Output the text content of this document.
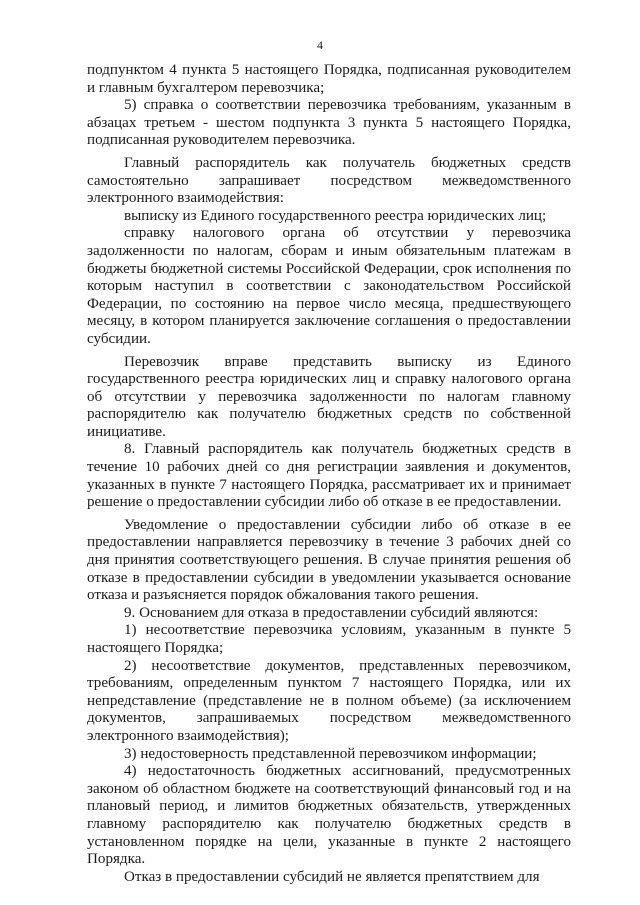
4

подпунктом 4 пункта 5 настоящего Порядка, подписанная руководителем и главным бухгалтером перевозчика;

5) справка о соответствии перевозчика требованиям, указанным в абзацах третьем - шестом подпункта 3 пункта 5 настоящего Порядка, подписанная руководителем перевозчика.

Главный распорядитель как получатель бюджетных средств самостоятельно запрашивает посредством межведомственного электронного взаимодействия:

выписку из Единого государственного реестра юридических лиц;

справку налогового органа об отсутствии у перевозчика задолженности по налогам, сборам и иным обязательным платежам в бюджеты бюджетной системы Российской Федерации, срок исполнения по которым наступил в соответствии с законодательством Российской Федерации, по состоянию на первое число месяца, предшествующего месяцу, в котором планируется заключение соглашения о предоставлении субсидии.

Перевозчик вправе представить выписку из Единого государственного реестра юридических лиц и справку налогового органа об отсутствии у перевозчика задолженности по налогам главному распорядителю как получателю бюджетных средств по собственной инициативе.

8. Главный распорядитель как получатель бюджетных средств в течение 10 рабочих дней со дня регистрации заявления и документов, указанных в пункте 7 настоящего Порядка, рассматривает их и принимает решение о предоставлении субсидии либо об отказе в ее предоставлении.

Уведомление о предоставлении субсидии либо об отказе в ее предоставлении направляется перевозчику в течение 3 рабочих дней со дня принятия соответствующего решения. В случае принятия решения об отказе в предоставлении субсидии в уведомлении указывается основание отказа и разъясняется порядок обжалования такого решения.

9. Основанием для отказа в предоставлении субсидий являются:

1) несоответствие перевозчика условиям, указанным в пункте 5 настоящего Порядка;

2) несоответствие документов, представленных перевозчиком, требованиям, определенным пунктом 7 настоящего Порядка, или их непредставление (представление не в полном объеме) (за исключением документов, запрашиваемых посредством межведомственного электронного взаимодействия);

3) недостоверность представленной перевозчиком информации;

4) недостаточность бюджетных ассигнований, предусмотренных законом об областном бюджете на соответствующий финансовый год и на плановый период, и лимитов бюджетных обязательств, утвержденных главному распорядителю как получателю бюджетных средств в установленном порядке на цели, указанные в пункте 2 настоящего Порядка.

Отказ в предоставлении субсидий не является препятствием для
